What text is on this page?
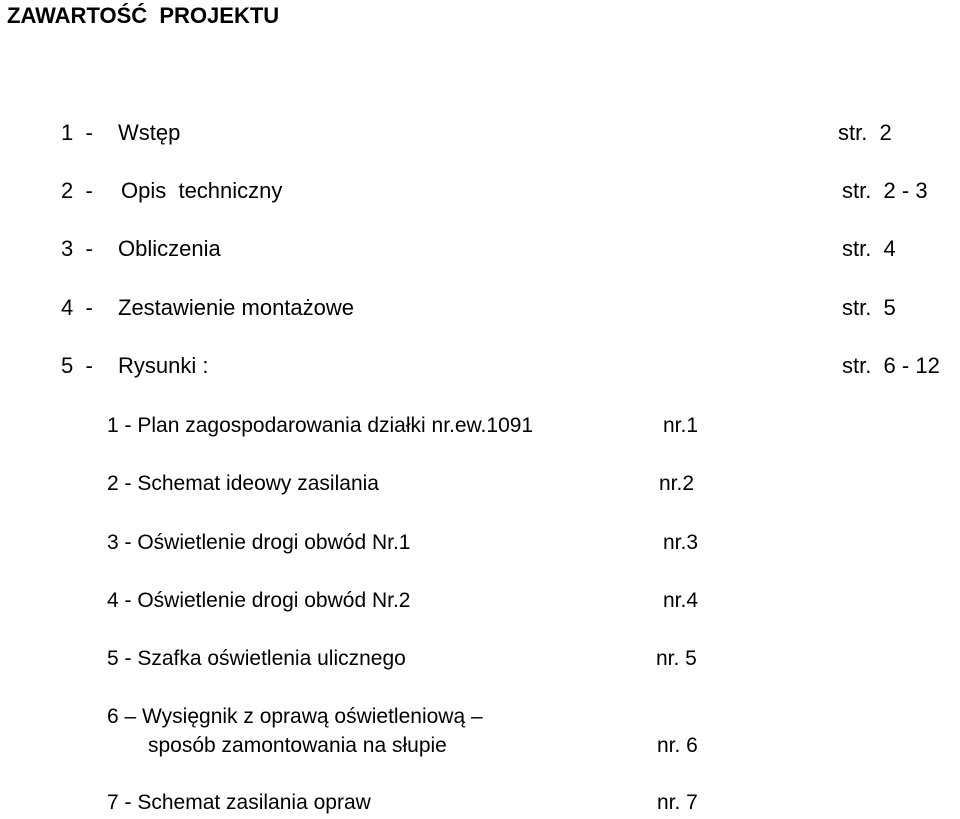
ZAWARTOŚĆ  PROJEKTU
1  - Wstęp	str.  2
2  - Opis  techniczny	str.  2 - 3
3  - Obliczenia	str.  4
4  - Zestawienie montażowe	str.  5
5  - Rysunki :	str.  6 - 12
1 - Plan zagospodarowania działki nr.ew.1091	nr.1
2 - Schemat ideowy zasilania	nr.2
3 - Oświetlenie drogi obwód Nr.1	nr.3
4 - Oświetlenie drogi obwód Nr.2	nr.4
5 - Szafka oświetlenia ulicznego	nr. 5
6 – Wysięgnik z oprawą oświetleniową –
sposób zamontowania na słupie	nr. 6
7 - Schemat zasilania opraw	nr. 7
